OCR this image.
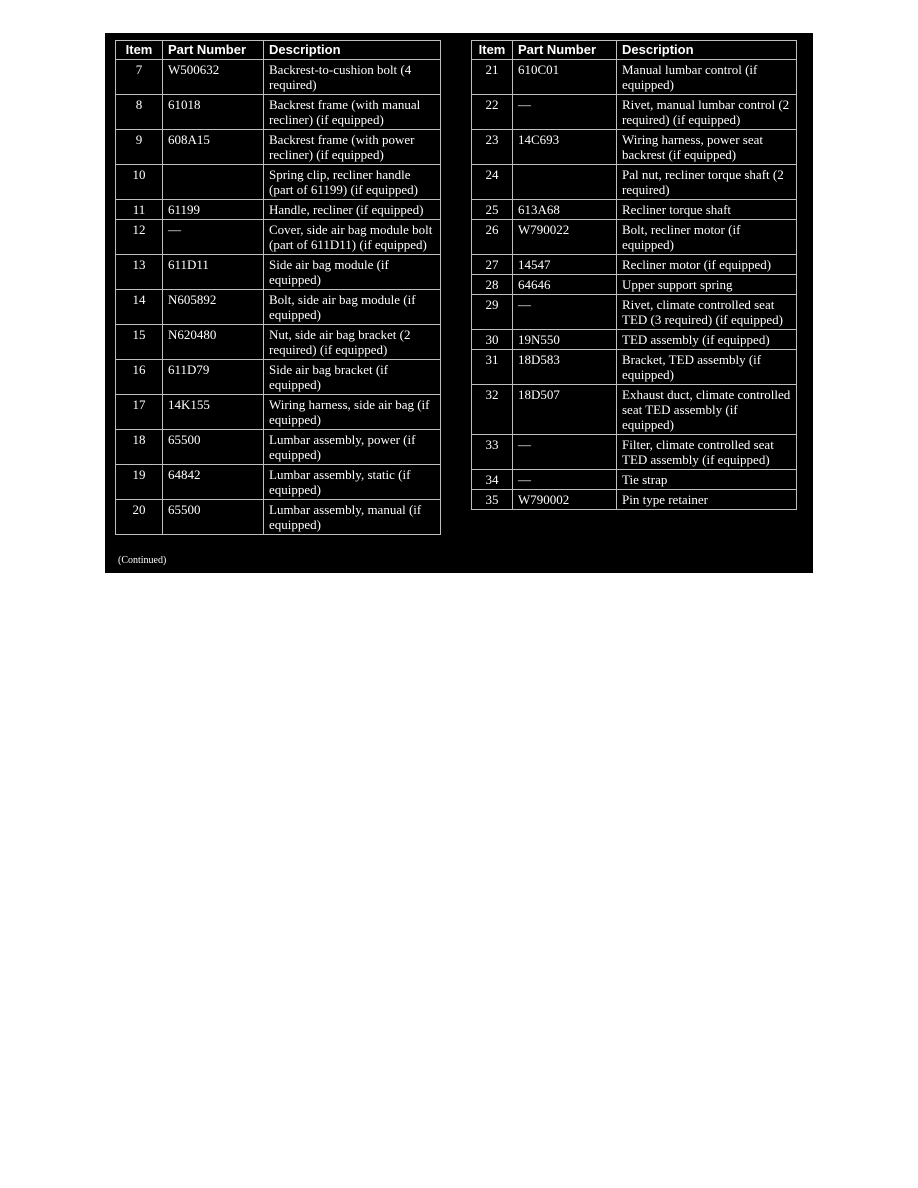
Item	Part Number	Description
7	W500632	Backrest-to-cushion bolt (4 required)
8	61018	Backrest frame (with manual recliner) (if equipped)
9	608A15	Backrest frame (with power recliner) (if equipped)
10		Spring clip, recliner handle (part of 61199) (if equipped)
11	61199	Handle, recliner (if equipped)
12	—	Cover, side air bag module bolt (part of 611D11) (if equipped)
13	611D11	Side air bag module (if equipped)
14	N605892	Bolt, side air bag module (if equipped)
15	N620480	Nut, side air bag bracket (2 required) (if equipped)
16	611D79	Side air bag bracket (if equipped)
17	14K155	Wiring harness, side air bag (if equipped)
18	65500	Lumbar assembly, power (if equipped)
19	64842	Lumbar assembly, static (if equipped)
20	65500	Lumbar assembly, manual (if equipped)
Item	Part Number	Description
21	610C01	Manual lumbar control (if equipped)
22	—	Rivet, manual lumbar control (2 required) (if equipped)
23	14C693	Wiring harness, power seat backrest (if equipped)
24		Pal nut, recliner torque shaft (2 required)
25	613A68	Recliner torque shaft
26	W790022	Bolt, recliner motor (if equipped)
27	14547	Recliner motor (if equipped)
28	64646	Upper support spring
29	—	Rivet, climate controlled seat TED (3 required) (if equipped)
30	19N550	TED assembly (if equipped)
31	18D583	Bracket, TED assembly (if equipped)
32	18D507	Exhaust duct, climate controlled seat TED assembly (if equipped)
33	—	Filter, climate controlled seat TED assembly (if equipped)
34	—	Tie strap
35	W790002	Pin type retainer
(Continued)
